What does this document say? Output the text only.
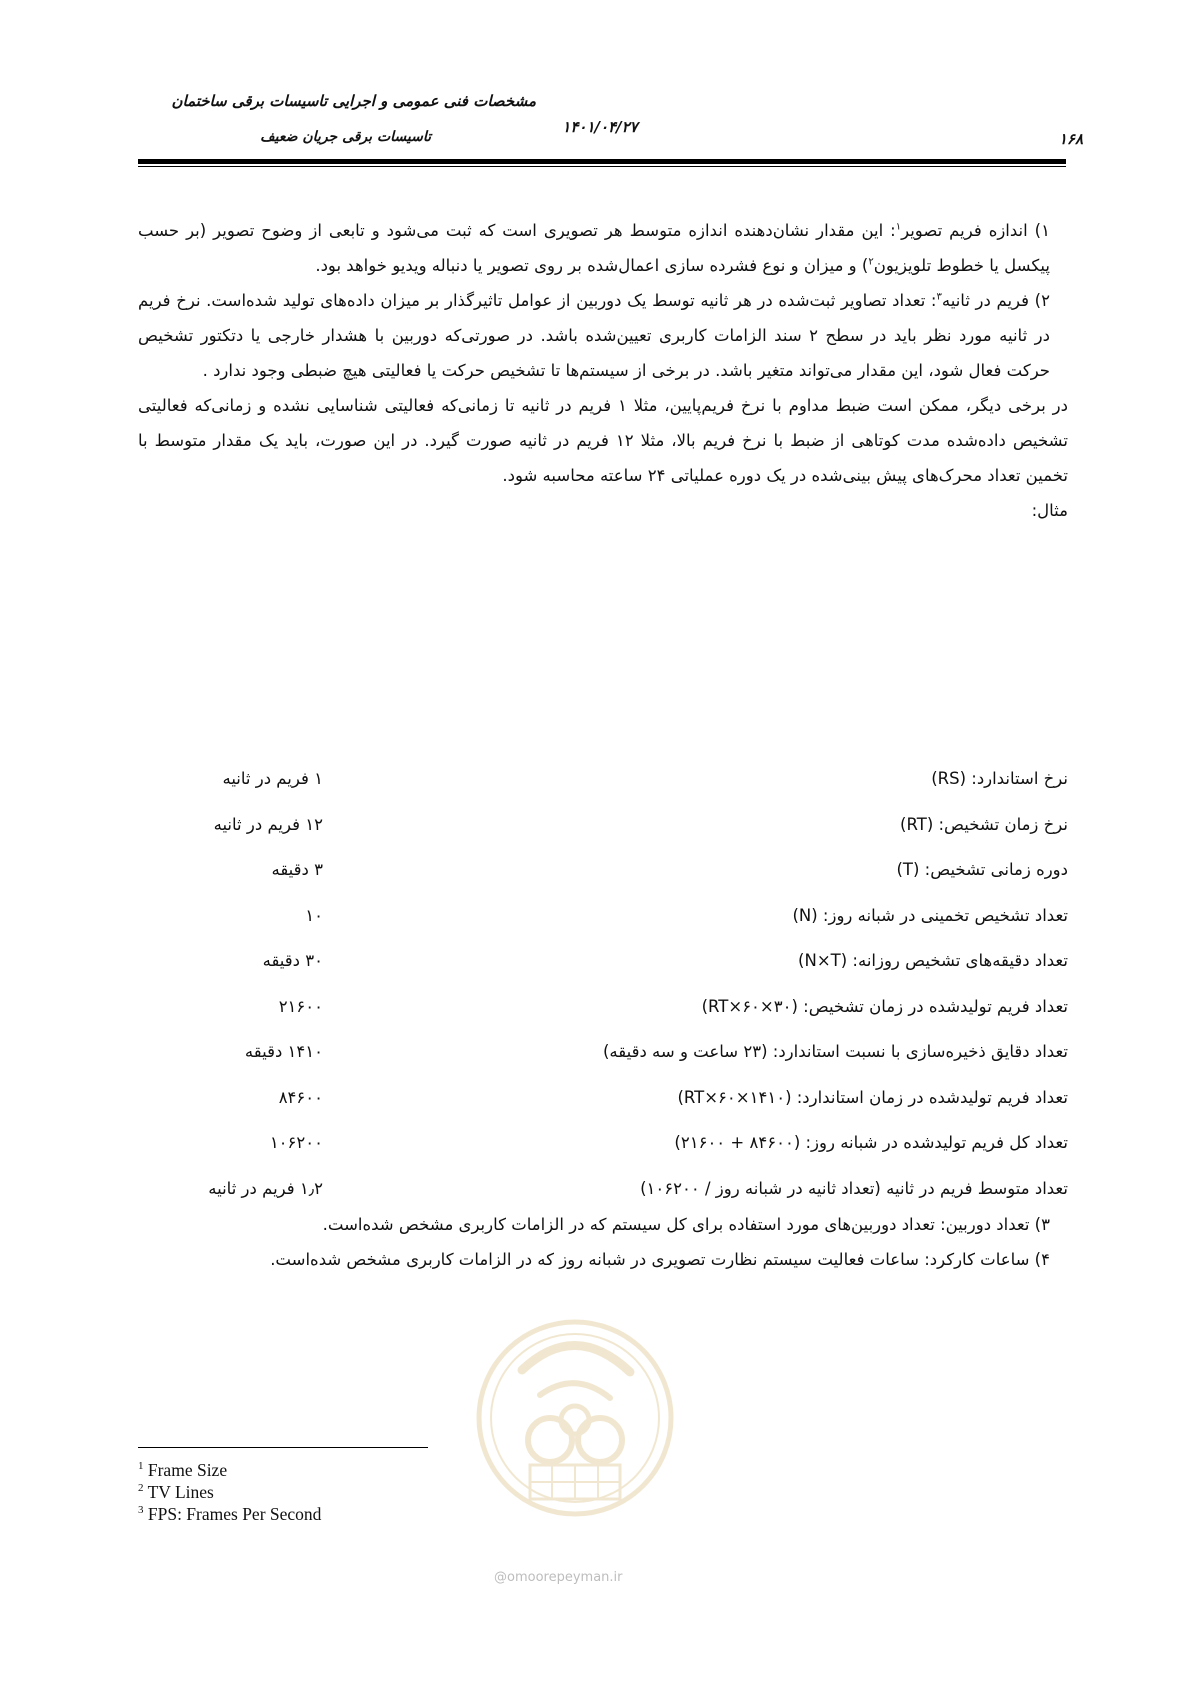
مشخصات فنی عمومی و اجرایی تاسیسات برقی ساختمان
تاسیسات برقی جریان ضعیف
۱۴۰۱/۰۴/۲۷
۱۶۸

۱) اندازه فریم تصویر$^۱$: این مقدار نشان‌دهنده اندازه متوسط هر تصویری است که ثبت می‌شود و تابعی از وضوح تصویر (بر حسب پیکسل یا خطوط تلویزیون$^۲$) و میزان و نوع فشرده سازی اعمال‌شده بر روی تصویر یا دنباله ویدیو خواهد بود.

۲) فریم در ثانیه$^۳$: تعداد تصاویر ثبت‌شده در هر ثانیه توسط یک دوربین از عوامل تاثیرگذار بر میزان داده‌های تولید شده‌است. نرخ فریم در ثانیه مورد نظر باید در سطح ۲ سند الزامات کاربری تعیین‌شده باشد. در صورتی‌که دوربین با هشدار خارجی یا دتکتور تشخیص حرکت فعال شود، این مقدار می‌تواند متغیر باشد. در برخی از سیستم‌ها تا تشخیص حرکت یا فعالیتی هیچ ضبطی وجود ندارد .

در برخی دیگر، ممکن است ضبط مداوم با نرخ فریم‌پایین، مثلا ۱ فریم در ثانیه تا زمانی‌که فعالیتی شناسایی نشده و زمانی‌که فعالیتی تشخیص داده‌شده مدت کوتاهی از ضبط با نرخ فریم بالا، مثلا ۱۲ فریم در ثانیه صورت گیرد. در این صورت، باید یک مقدار متوسط با تخمین تعداد محرک‌های پیش بینی‌شده در یک دوره عملیاتی ۲۴ ساعته محاسبه شود.

مثال:

نرخ استاندارد: (RS)
۱ فریم در ثانیه
نرخ زمان تشخیص: (RT)
۱۲ فریم در ثانیه
دوره زمانی تشخیص: (T)
۳ دقیقه
تعداد تشخیص تخمینی در شبانه روز: (N)
۱۰
تعداد دقیقه‌های تشخیص روزانه: (N×T)
۳۰ دقیقه
تعداد فریم تولیدشده در زمان تشخیص: (RT×۶۰×۳۰)
۲۱۶۰۰
تعداد دقایق ذخیره‌سازی با نسبت استاندارد: (۲۳ ساعت و سه دقیقه)
۱۴۱۰ دقیقه
تعداد فریم تولیدشده در زمان استاندارد: (RT×۶۰×۱۴۱۰)
۸۴۶۰۰
تعداد کل فریم تولیدشده در شبانه روز: (۸۴۶۰۰ + ۲۱۶۰۰)
۱۰۶۲۰۰
تعداد متوسط فریم در ثانیه (تعداد ثانیه در شبانه روز / ۱۰۶۲۰۰)
۱٫۲ فریم در ثانیه

۳) تعداد دوربین: تعداد دوربین‌های مورد استفاده برای کل سیستم که در الزامات کاربری مشخص شده‌است.

۴) ساعات کارکرد: ساعات فعالیت سیستم نظارت تصویری در شبانه روز که در الزامات کاربری مشخص شده‌است.

@omoorepeyman.ir
$^1$ Frame Size
$^2$ TV Lines
$^3$ FPS: Frames Per Second
